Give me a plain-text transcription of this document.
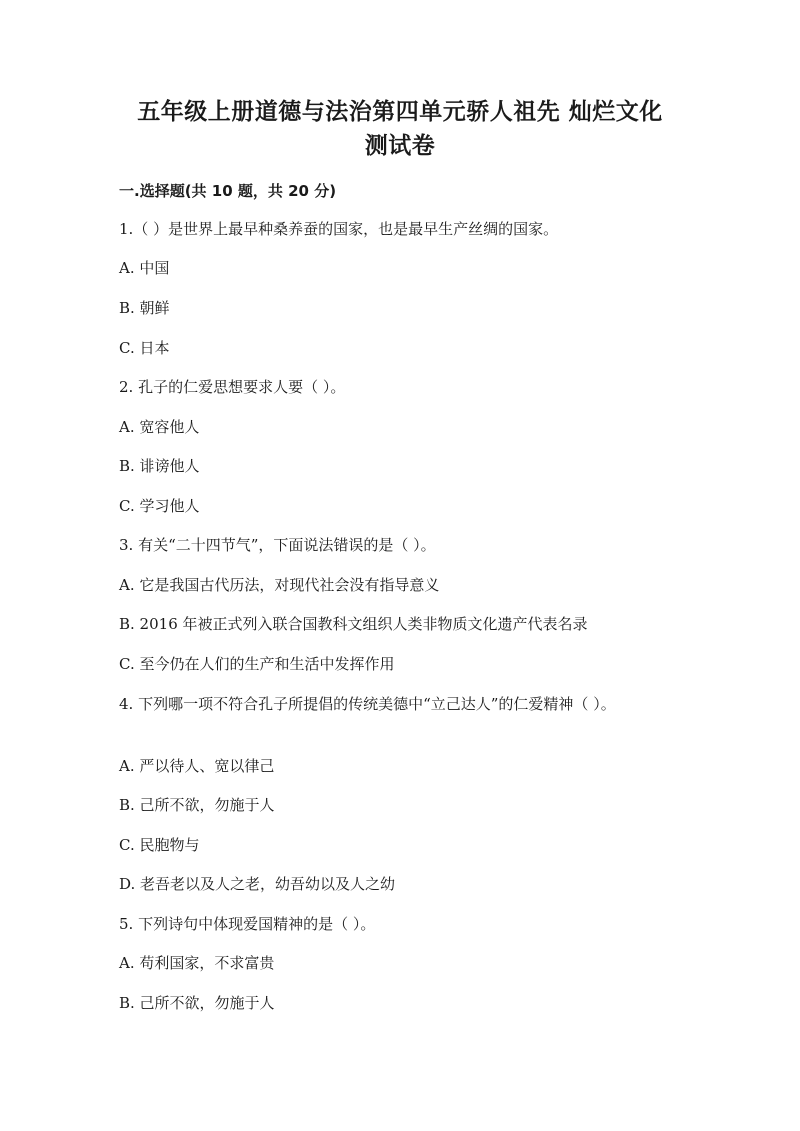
五年级上册道德与法治第四单元骄人祖先 灿烂文化
测试卷
一.选择题(共 10 题，共 20 分)
1.（ ）是世界上最早种桑养蚕的国家，也是最早生产丝绸的国家。
A. 中国
B. 朝鲜
C. 日本
2. 孔子的仁爱思想要求人要（ ）。
A. 宽容他人
B. 诽谤他人
C. 学习他人
3. 有关“二十四节气”，下面说法错误的是（ ）。
A. 它是我国古代历法，对现代社会没有指导意义
B. 2016 年被正式列入联合国教科文组织人类非物质文化遗产代表名录
C. 至今仍在人们的生产和生活中发挥作用
4. 下列哪一项不符合孔子所提倡的传统美德中“立己达人”的仁爱精神（ ）。
A. 严以待人、宽以律己
B. 己所不欲，勿施于人
C. 民胞物与
D. 老吾老以及人之老，幼吾幼以及人之幼
5. 下列诗句中体现爱国精神的是（ ）。
A. 苟利国家，不求富贵
B. 己所不欲，勿施于人
